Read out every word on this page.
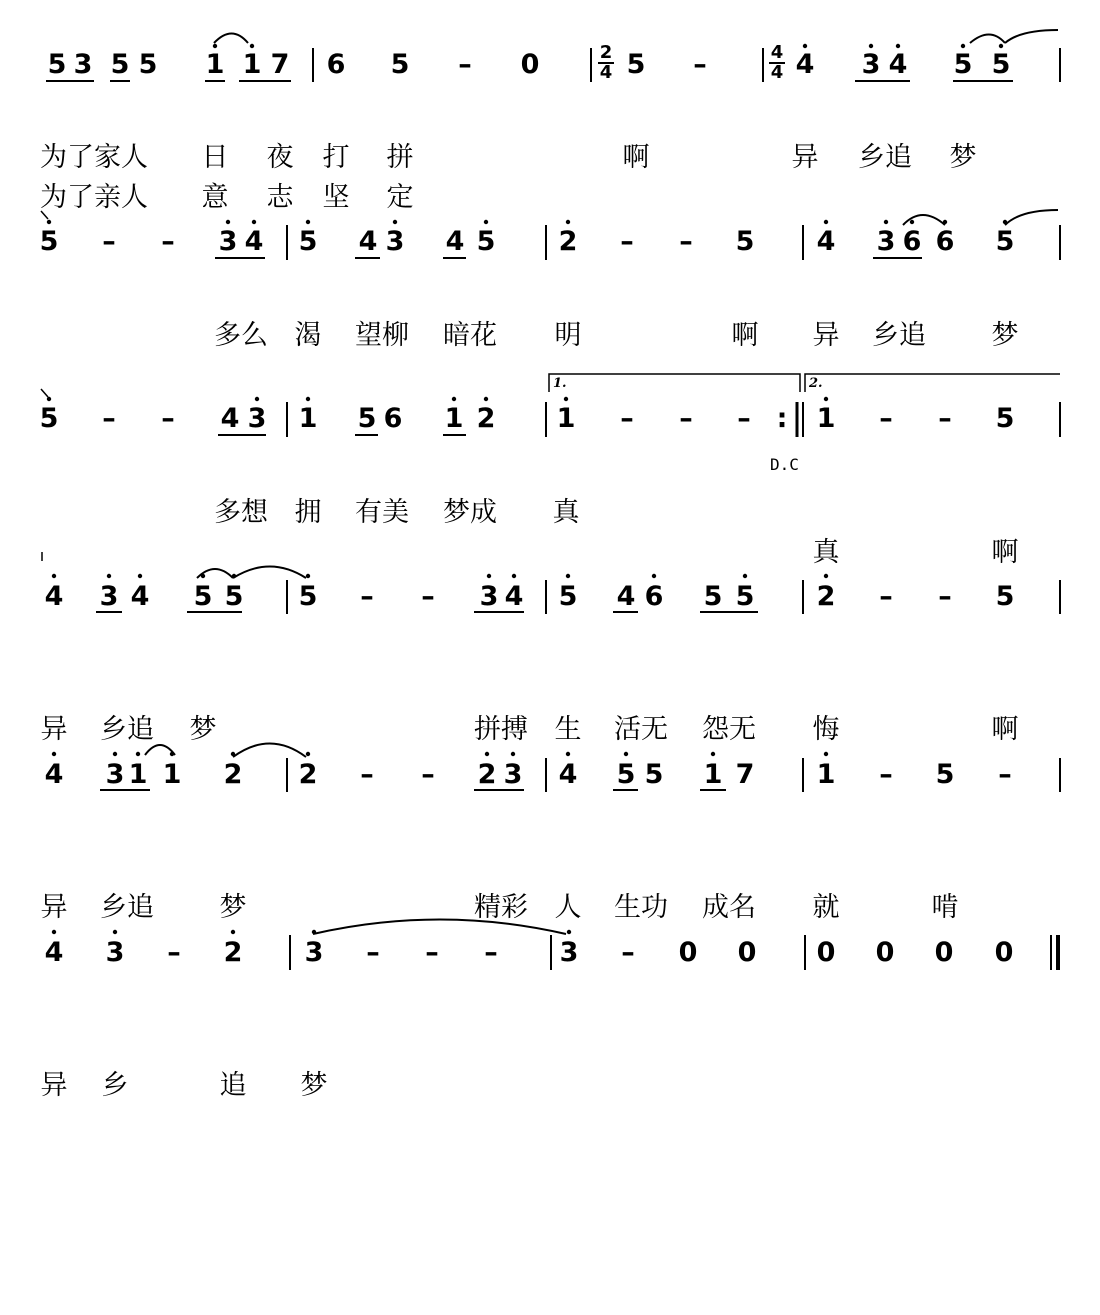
$\frac{2}{4}$	$\frac{4}{4}$
5 3 5 5 1 1 7 6 5 – 0	5 –	4 3 4 5 5
为了家人 日 夜 打 拼	啊	异 乡追 梦
为了亲人 意 志 坚 定
5 – – 3 4 5 4 3 4 5 2 – – 5 4 3 6 6 5
多么 渴 望柳 暗花 明	啊 异 乡追 梦
1.	2.
5 – – 4 3 1 5 6 1 2 1 – – – : 1 – – 5
D.C
多想 拥 有美 梦成 真
真	啊
4 3 4 5 5 5 – – 3 4 5 4 6 5 5 2 – – 5
异 乡追 梦	拼搏 生 活无 怨无 悔	啊
4 3 1 1 2 2 – – 2 3 4 5 5 1 7 1 – 5 –
异 乡追 梦	精彩 人 生功 成名 就	啃
4 3 – 2 3 – – – 3 – 0 0 0 0 0 0
异 乡	追 梦
